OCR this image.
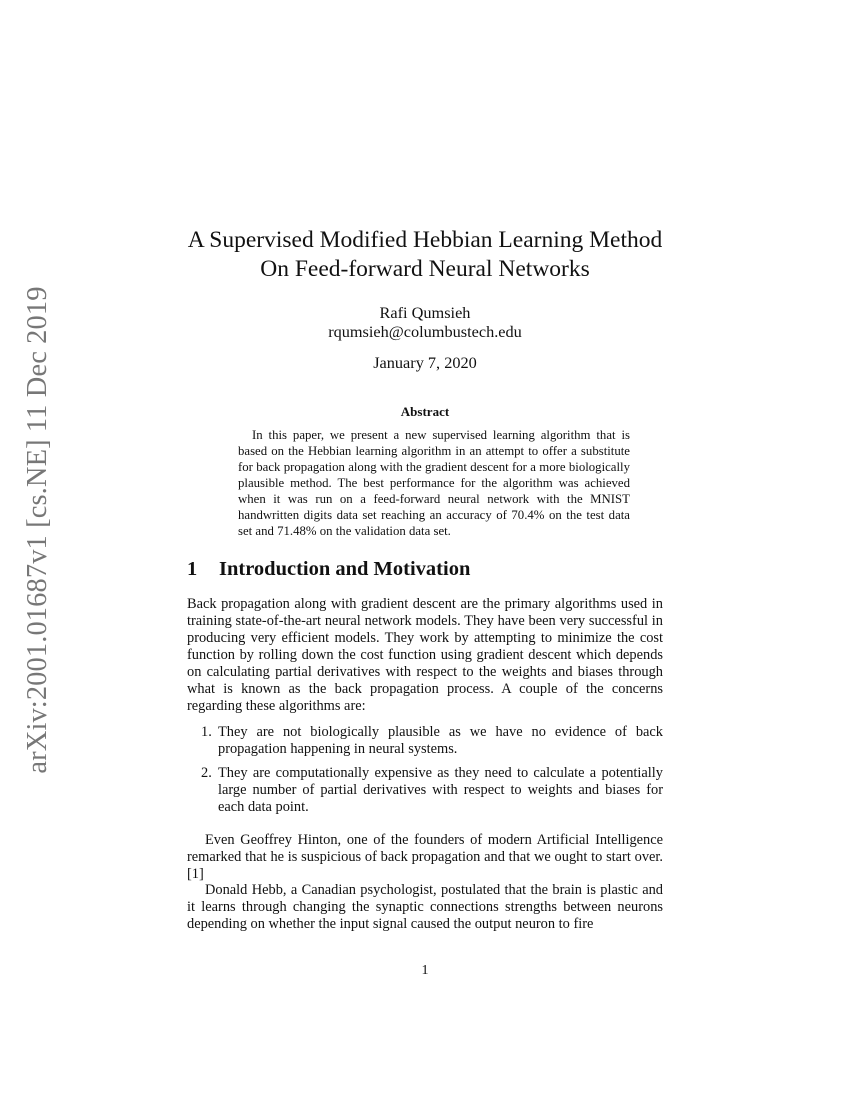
arXiv:2001.01687v1 [cs.NE] 11 Dec 2019
A Supervised Modified Hebbian Learning Method
On Feed-forward Neural Networks
Rafi Qumsieh
rqumsieh@columbustech.edu
January 7, 2020
Abstract

In this paper, we present a new supervised learning algorithm that is based on the Hebbian learning algorithm in an attempt to offer a substitute for back propagation along with the gradient descent for a more biologically plausible method. The best performance for the algorithm was achieved when it was run on a feed-forward neural network with the MNIST handwritten digits data set reaching an accuracy of 70.4% on the test data set and 71.48% on the validation data set.

1 Introduction and Motivation

Back propagation along with gradient descent are the primary algorithms used in training state-of-the-art neural network models. They have been very successful in producing very efficient models. They work by attempting to minimize the cost function by rolling down the cost function using gradient descent which depends on calculating partial derivatives with respect to the weights and biases through what is known as the back propagation process. A couple of the concerns regarding these algorithms are:

1. They are not biologically plausible as we have no evidence of back propagation happening in neural systems.
2. They are computationally expensive as they need to calculate a potentially large number of partial derivatives with respect to weights and biases for each data point.

Even Geoffrey Hinton, one of the founders of modern Artificial Intelligence remarked that he is suspicious of back propagation and that we ought to start over. [1]

Donald Hebb, a Canadian psychologist, postulated that the brain is plastic and it learns through changing the synaptic connections strengths between neurons depending on whether the input signal caused the output neuron to fire

1
